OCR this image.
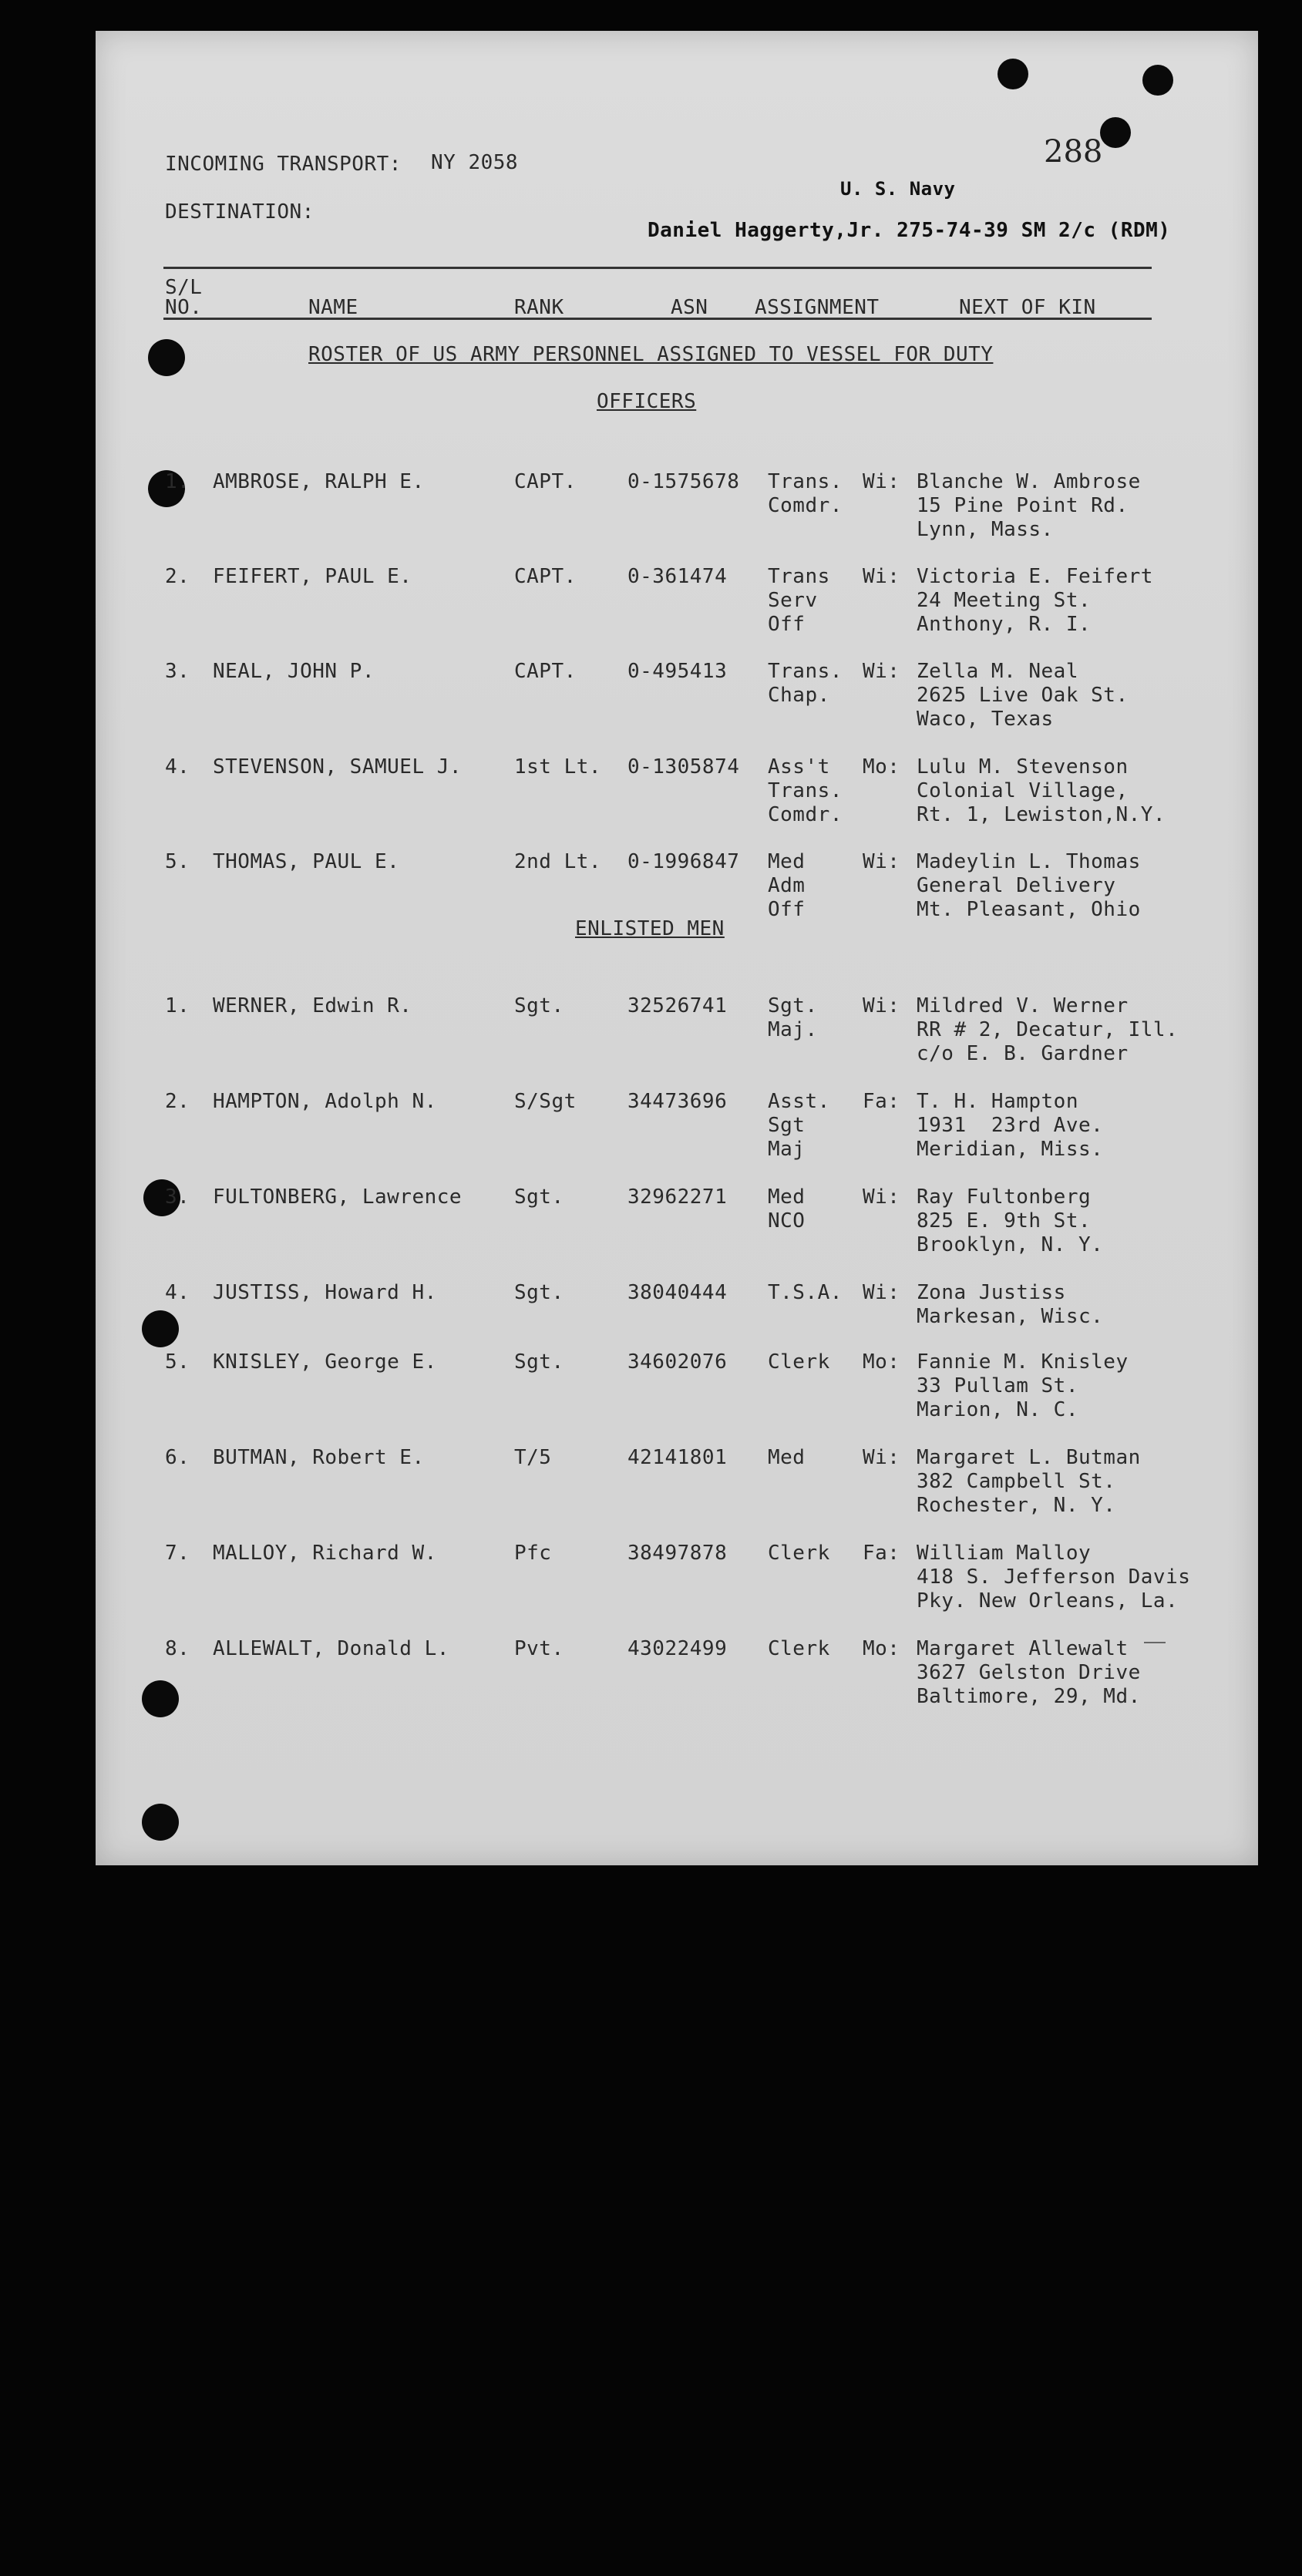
INCOMING TRANSPORT: NY 2058	288
DESTINATION:
U. S. Navy
Daniel Haggerty,Jr. 275-74-39 SM 2/c (RDM)
S/L
NO.	NAME	RANK	ASN ASSIGNMENT	NEXT OF KIN
ROSTER OF US ARMY PERSONNEL ASSIGNED TO VESSEL FOR DUTY
OFFICERS
ENLISTED MEN
1. AMBROSE, RALPH E.	CAPT.	0-1575678 Trans.
Comdr.
Wi: Blanche W. Ambrose
15 Pine Point Rd.
Lynn, Mass.
2. FEIFERT, PAUL E.	CAPT.	0-361474 Trans
Serv
Off
Wi: Victoria E. Feifert
24 Meeting St.
Anthony, R. I.
3. NEAL, JOHN P.	CAPT.	0-495413 Trans.
Chap.
Wi: Zella M. Neal
2625 Live Oak St.
Waco, Texas
4. STEVENSON, SAMUEL J.	1st Lt. 0-1305874 Ass't
Trans.
Comdr.
Mo: Lulu M. Stevenson
Colonial Village,
Rt. 1, Lewiston,N.Y.
5. THOMAS, PAUL E.	2nd Lt. 0-1996847 Med
Adm
Off
Wi: Madeylin L. Thomas
General Delivery
Mt. Pleasant, Ohio
1. WERNER, Edwin R.	Sgt.	32526741 Sgt.
Maj.
Wi: Mildred V. Werner
RR # 2, Decatur, Ill.
c/o E. B. Gardner
2. HAMPTON, Adolph N.	S/Sgt	34473696 Asst.
Sgt
Maj
Fa: T. H. Hampton
1931  23rd Ave.
Meridian, Miss.
3. FULTONBERG, Lawrence	Sgt.	32962271 Med
NCO
Wi: Ray Fultonberg
825 E. 9th St.
Brooklyn, N. Y.
4. JUSTISS, Howard H.	Sgt.	38040444 T.S.A. Wi: Zona Justiss
Markesan, Wisc.
5. KNISLEY, George E.	Sgt.	34602076 Clerk Mo: Fannie M. Knisley
33 Pullam St.
Marion, N. C.
6. BUTMAN, Robert E.	T/5	42141801 Med	Wi: Margaret L. Butman
382 Campbell St.
Rochester, N. Y.
7. MALLOY, Richard W.	Pfc	38497878 Clerk Fa: William Malloy
418 S. Jefferson Davis
Pky. New Orleans, La.
8. ALLEWALT, Donald L.	Pvt.	43022499 Clerk Mo: Margaret Allewalt
3627 Gelston Drive
Baltimore, 29, Md.
